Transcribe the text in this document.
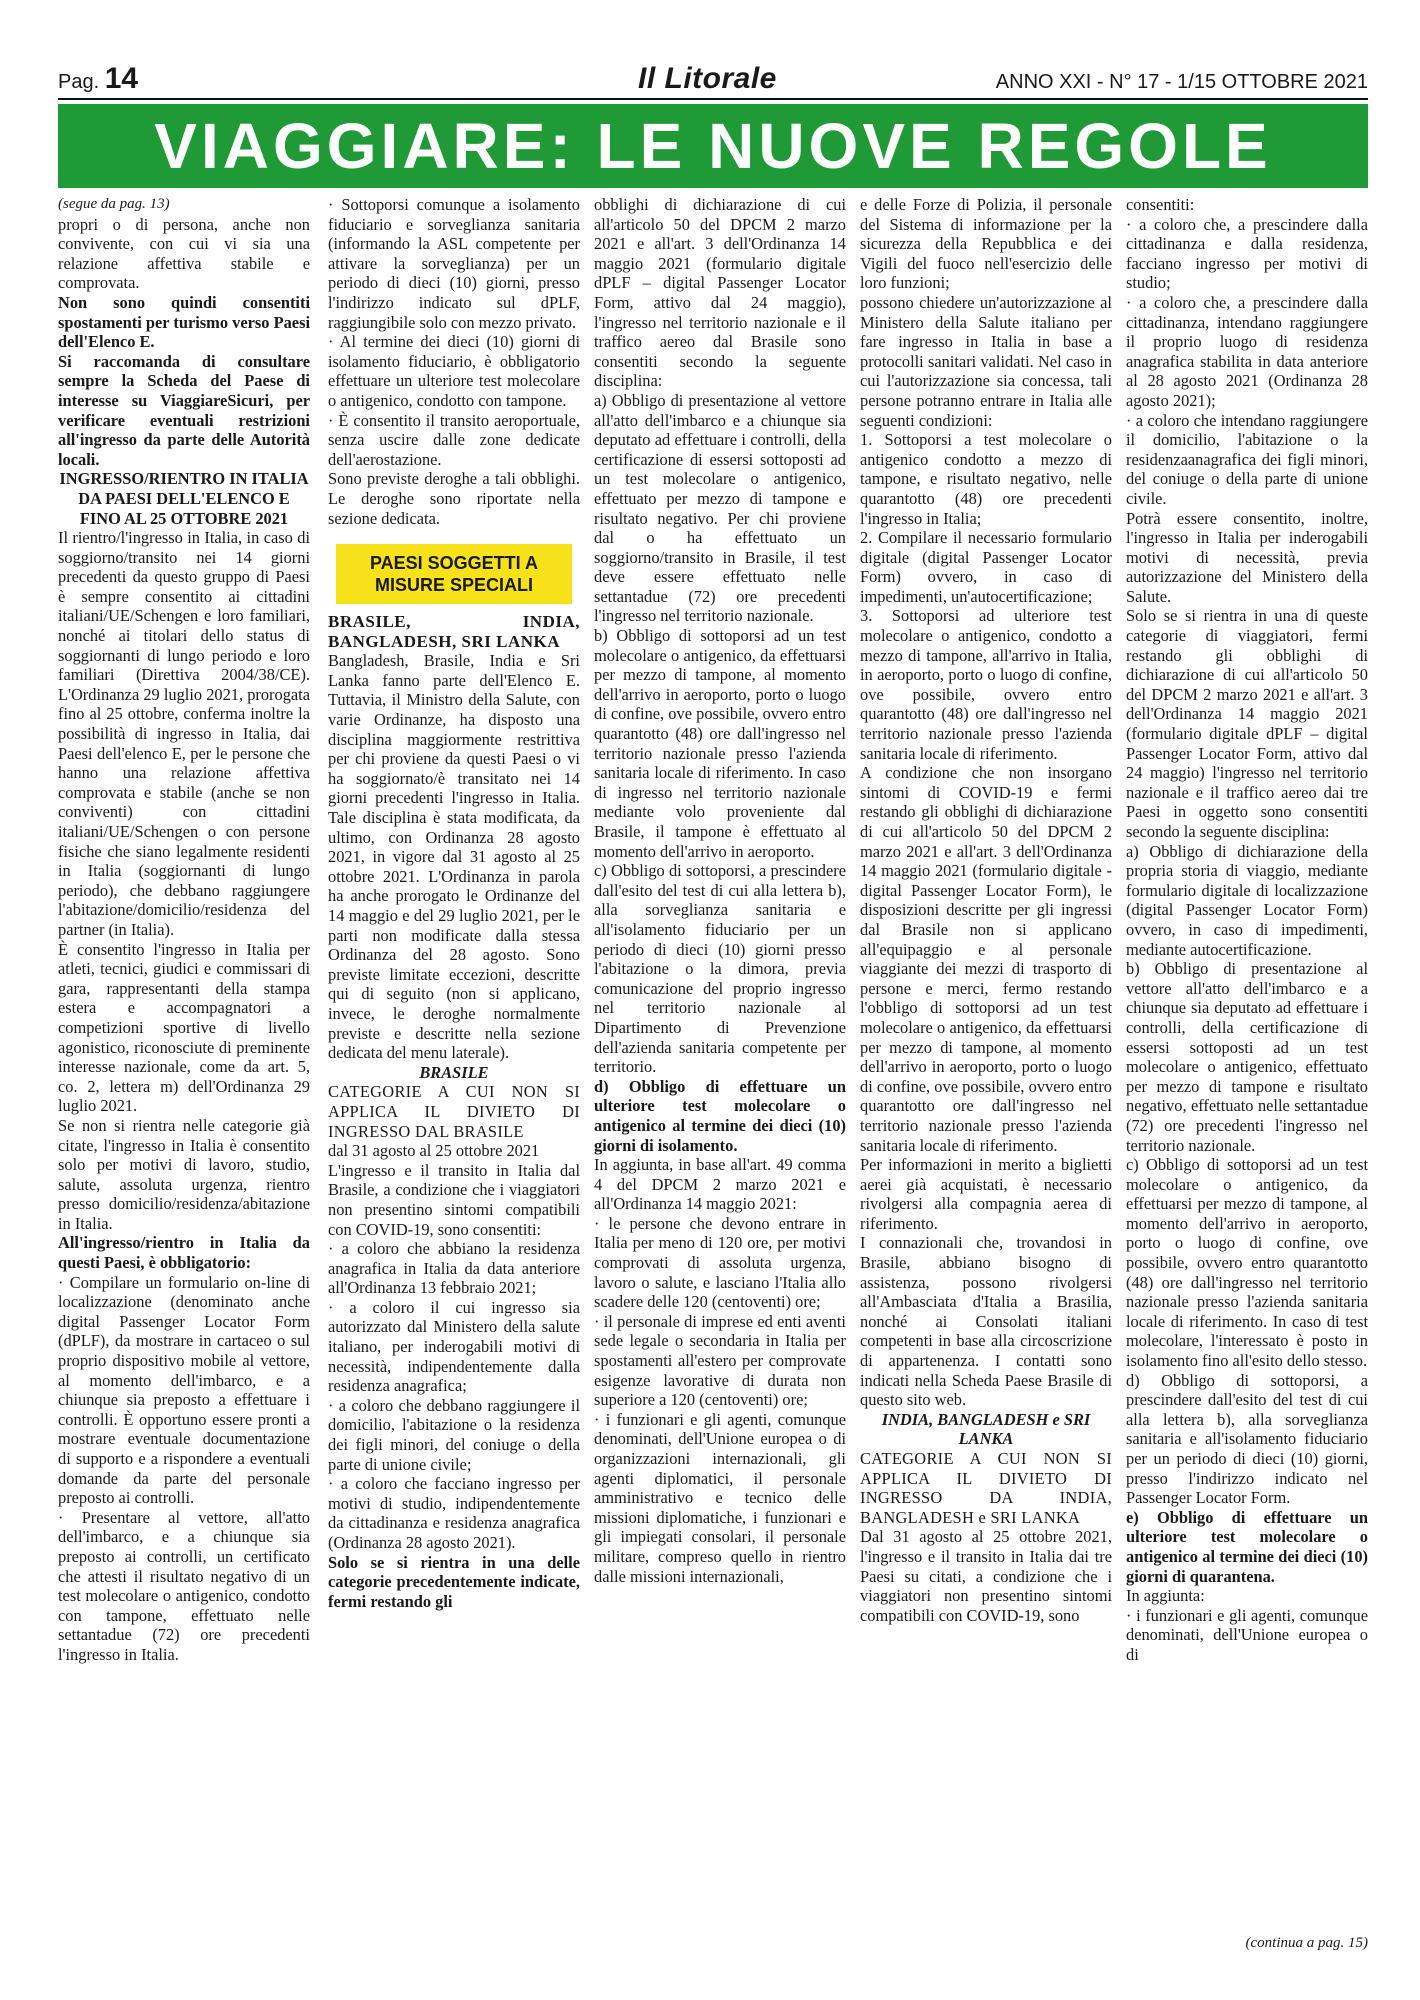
Pag. 14	Il Litorale	ANNO XXI - N° 17 - 1/15 OTTOBRE 2021
VIAGGIARE: LE NUOVE REGOLE

(segue da pag. 13)

propri o di persona, anche non convivente, con cui vi sia una relazione affettiva stabile e comprovata.

Non sono quindi consentiti spostamenti per turismo verso Paesi dell'Elenco E.

Si raccomanda di consultare sempre la Scheda del Paese di interesse su ViaggiareSicuri, per verificare eventuali restrizioni all'ingresso da parte delle Autorità locali.

INGRESSO/RIENTRO IN ITALIA DA PAESI DELL'ELENCO E FINO AL 25 OTTOBRE 2021

Il rientro/l'ingresso in Italia, in caso di soggiorno/transito nei 14 giorni precedenti da questo gruppo di Paesi è sempre consentito ai cittadini italiani/UE/Schengen e loro familiari, nonché ai titolari dello status di soggiornanti di lungo periodo e loro familiari (Direttiva 2004/38/CE). L'Ordinanza 29 luglio 2021, prorogata fino al 25 ottobre, conferma inoltre la possibilità di ingresso in Italia, dai Paesi dell'elenco E, per le persone che hanno una relazione affettiva comprovata e stabile (anche se non conviventi) con cittadini italiani/UE/Schengen o con persone fisiche che siano legalmente residenti in Italia (soggiornanti di lungo periodo), che debbano raggiungere l'abitazione/domicilio/residenza del partner (in Italia).

È consentito l'ingresso in Italia per atleti, tecnici, giudici e commissari di gara, rappresentanti della stampa estera e accompagnatori a competizioni sportive di livello agonistico, riconosciute di preminente interesse nazionale, come da art. 5, co. 2, lettera m) dell'Ordinanza 29 luglio 2021.

Se non si rientra nelle categorie già citate, l'ingresso in Italia è consentito solo per motivi di lavoro, studio, salute, assoluta urgenza, rientro presso domicilio/residenza/abitazione in Italia.

All'ingresso/rientro in Italia da questi Paesi, è obbligatorio:

· Compilare un formulario on-line di localizzazione (denominato anche digital Passenger Locator Form (dPLF), da mostrare in cartaceo o sul proprio dispositivo mobile al vettore, al momento dell'imbarco, e a chiunque sia preposto a effettuare i controlli. È opportuno essere pronti a mostrare eventuale documentazione di supporto e a rispondere a eventuali domande da parte del personale preposto ai controlli.

· Presentare al vettore, all'atto dell'imbarco, e a chiunque sia preposto ai controlli, un certificato che attesti il risultato negativo di un test molecolare o antigenico, condotto con tampone, effettuato nelle settantadue (72) ore precedenti l'ingresso in Italia.

· Sottoporsi comunque a isolamento fiduciario e sorveglianza sanitaria (informando la ASL competente per attivare la sorveglianza) per un periodo di dieci (10) giorni, presso l'indirizzo indicato sul dPLF, raggiungibile solo con mezzo privato.

· Al termine dei dieci (10) giorni di isolamento fiduciario, è obbligatorio effettuare un ulteriore test molecolare o antigenico, condotto con tampone.

· È consentito il transito aeroportuale, senza uscire dalle zone dedicate dell'aerostazione.

Sono previste deroghe a tali obblighi. Le deroghe sono riportate nella sezione dedicata.

PAESI SOGGETTI A MISURE SPECIALI

BRASILE, INDIA, BANGLADESH, SRI LANKA

Bangladesh, Brasile, India e Sri Lanka fanno parte dell'Elenco E. Tuttavia, il Ministro della Salute, con varie Ordinanze, ha disposto una disciplina maggiormente restrittiva per chi proviene da questi Paesi o vi ha soggiornato/è transitato nei 14 giorni precedenti l'ingresso in Italia. Tale disciplina è stata modificata, da ultimo, con Ordinanza 28 agosto 2021, in vigore dal 31 agosto al 25 ottobre 2021. L'Ordinanza in parola ha anche prorogato le Ordinanze del 14 maggio e del 29 luglio 2021, per le parti non modificate dalla stessa Ordinanza del 28 agosto. Sono previste limitate eccezioni, descritte qui di seguito (non si applicano, invece, le deroghe normalmente previste e descritte nella sezione dedicata del menu laterale).

BRASILE

CATEGORIE A CUI NON SI APPLICA IL DIVIETO DI INGRESSO DAL BRASILE

dal 31 agosto al 25 ottobre 2021

L'ingresso e il transito in Italia dal Brasile, a condizione che i viaggiatori non presentino sintomi compatibili con COVID-19, sono consentiti:

· a coloro che abbiano la residenza anagrafica in Italia da data anteriore all'Ordinanza 13 febbraio 2021;

· a coloro il cui ingresso sia autorizzato dal Ministero della salute italiano, per inderogabili motivi di necessità, indipendentemente dalla residenza anagrafica;

· a coloro che debbano raggiungere il domicilio, l'abitazione o la residenza dei figli minori, del coniuge o della parte di unione civile;

· a coloro che facciano ingresso per motivi di studio, indipendentemente da cittadinanza e residenza anagrafica (Ordinanza 28 agosto 2021).

Solo se si rientra in una delle categorie precedentemente indicate, fermi restando gli

obblighi di dichiarazione di cui all'articolo 50 del DPCM 2 marzo 2021 e all'art. 3 dell'Ordinanza 14 maggio 2021 (formulario digitale dPLF – digital Passenger Locator Form, attivo dal 24 maggio), l'ingresso nel territorio nazionale e il traffico aereo dal Brasile sono consentiti secondo la seguente disciplina:

a) Obbligo di presentazione al vettore all'atto dell'imbarco e a chiunque sia deputato ad effettuare i controlli, della certificazione di essersi sottoposti ad un test molecolare o antigenico, effettuato per mezzo di tampone e risultato negativo. Per chi proviene dal o ha effettuato un soggiorno/transito in Brasile, il test deve essere effettuato nelle settantadue (72) ore precedenti l'ingresso nel territorio nazionale.

b) Obbligo di sottoporsi ad un test molecolare o antigenico, da effettuarsi per mezzo di tampone, al momento dell'arrivo in aeroporto, porto o luogo di confine, ove possibile, ovvero entro quarantotto (48) ore dall'ingresso nel territorio nazionale presso l'azienda sanitaria locale di riferimento. In caso di ingresso nel territorio nazionale mediante volo proveniente dal Brasile, il tampone è effettuato al momento dell'arrivo in aeroporto.

c) Obbligo di sottoporsi, a prescindere dall'esito del test di cui alla lettera b), alla sorveglianza sanitaria e all'isolamento fiduciario per un periodo di dieci (10) giorni presso l'abitazione o la dimora, previa comunicazione del proprio ingresso nel territorio nazionale al Dipartimento di Prevenzione dell'azienda sanitaria competente per territorio.

d) Obbligo di effettuare un ulteriore test molecolare o antigenico al termine dei dieci (10) giorni di isolamento.

In aggiunta, in base all'art. 49 comma 4 del DPCM 2 marzo 2021 e all'Ordinanza 14 maggio 2021:

· le persone che devono entrare in Italia per meno di 120 ore, per motivi comprovati di assoluta urgenza, lavoro o salute, e lasciano l'Italia allo scadere delle 120 (centoventi) ore;

· il personale di imprese ed enti aventi sede legale o secondaria in Italia per spostamenti all'estero per comprovate esigenze lavorative di durata non superiore a 120 (centoventi) ore;

· i funzionari e gli agenti, comunque denominati, dell'Unione europea o di organizzazioni internazionali, gli agenti diplomatici, il personale amministrativo e tecnico delle missioni diplomatiche, i funzionari e gli impiegati consolari, il personale militare, compreso quello in rientro dalle missioni internazionali,

e delle Forze di Polizia, il personale del Sistema di informazione per la sicurezza della Repubblica e dei Vigili del fuoco nell'esercizio delle loro funzioni;

possono chiedere un'autorizzazione al Ministero della Salute italiano per fare ingresso in Italia in base a protocolli sanitari validati. Nel caso in cui l'autorizzazione sia concessa, tali persone potranno entrare in Italia alle seguenti condizioni:

1. Sottoporsi a test molecolare o antigenico condotto a mezzo di tampone, e risultato negativo, nelle quarantotto (48) ore precedenti l'ingresso in Italia;

2. Compilare il necessario formulario digitale (digital Passenger Locator Form) ovvero, in caso di impedimenti, un'autocertificazione;

3. Sottoporsi ad ulteriore test molecolare o antigenico, condotto a mezzo di tampone, all'arrivo in Italia, in aeroporto, porto o luogo di confine, ove possibile, ovvero entro quarantotto (48) ore dall'ingresso nel territorio nazionale presso l'azienda sanitaria locale di riferimento.

A condizione che non insorgano sintomi di COVID-19 e fermi restando gli obblighi di dichiarazione di cui all'articolo 50 del DPCM 2 marzo 2021 e all'art. 3 dell'Ordinanza 14 maggio 2021 (formulario digitale - digital Passenger Locator Form), le disposizioni descritte per gli ingressi dal Brasile non si applicano all'equipaggio e al personale viaggiante dei mezzi di trasporto di persone e merci, fermo restando l'obbligo di sottoporsi ad un test molecolare o antigenico, da effettuarsi per mezzo di tampone, al momento dell'arrivo in aeroporto, porto o luogo di confine, ove possibile, ovvero entro quarantotto ore dall'ingresso nel territorio nazionale presso l'azienda sanitaria locale di riferimento.

Per informazioni in merito a biglietti aerei già acquistati, è necessario rivolgersi alla compagnia aerea di riferimento.

I connazionali che, trovandosi in Brasile, abbiano bisogno di assistenza, possono rivolgersi all'Ambasciata d'Italia a Brasilia, nonché ai Consolati italiani competenti in base alla circoscrizione di appartenenza. I contatti sono indicati nella Scheda Paese Brasile di questo sito web.

INDIA, BANGLADESH e SRI LANKA

CATEGORIE A CUI NON SI APPLICA IL DIVIETO DI INGRESSO DA INDIA, BANGLADESH e SRI LANKA

Dal 31 agosto al 25 ottobre 2021, l'ingresso e il transito in Italia dai tre Paesi su citati, a condizione che i viaggiatori non presentino sintomi compatibili con COVID-19, sono

consentiti:

· a coloro che, a prescindere dalla cittadinanza e dalla residenza, facciano ingresso per motivi di studio;

· a coloro che, a prescindere dalla cittadinanza, intendano raggiungere il proprio luogo di residenza anagrafica stabilita in data anteriore al 28 agosto 2021 (Ordinanza 28 agosto 2021);

· a coloro che intendano raggiungere il domicilio, l'abitazione o la residenzaanagrafica dei figli minori, del coniuge o della parte di unione civile.

Potrà essere consentito, inoltre, l'ingresso in Italia per inderogabili motivi di necessità, previa autorizzazione del Ministero della Salute.

Solo se si rientra in una di queste categorie di viaggiatori, fermi restando gli obblighi di dichiarazione di cui all'articolo 50 del DPCM 2 marzo 2021 e all'art. 3 dell'Ordinanza 14 maggio 2021 (formulario digitale dPLF – digital Passenger Locator Form, attivo dal 24 maggio) l'ingresso nel territorio nazionale e il traffico aereo dai tre Paesi in oggetto sono consentiti secondo la seguente disciplina:

a) Obbligo di dichiarazione della propria storia di viaggio, mediante formulario digitale di localizzazione (digital Passenger Locator Form) ovvero, in caso di impedimenti, mediante autocertificazione.

b) Obbligo di presentazione al vettore all'atto dell'imbarco e a chiunque sia deputato ad effettuare i controlli, della certificazione di essersi sottoposti ad un test molecolare o antigenico, effettuato per mezzo di tampone e risultato negativo, effettuato nelle settantadue (72) ore precedenti l'ingresso nel territorio nazionale.

c) Obbligo di sottoporsi ad un test molecolare o antigenico, da effettuarsi per mezzo di tampone, al momento dell'arrivo in aeroporto, porto o luogo di confine, ove possibile, ovvero entro quarantotto (48) ore dall'ingresso nel territorio nazionale presso l'azienda sanitaria locale di riferimento. In caso di test molecolare, l'interessato è posto in isolamento fino all'esito dello stesso.

d) Obbligo di sottoporsi, a prescindere dall'esito del test di cui alla lettera b), alla sorveglianza sanitaria e all'isolamento fiduciario per un periodo di dieci (10) giorni, presso l'indirizzo indicato nel Passenger Locator Form.

e) Obbligo di effettuare un ulteriore test molecolare o antigenico al termine dei dieci (10) giorni di quarantena.

In aggiunta:

· i funzionari e gli agenti, comunque denominati, dell'Unione europea o di

(continua a pag. 15)
